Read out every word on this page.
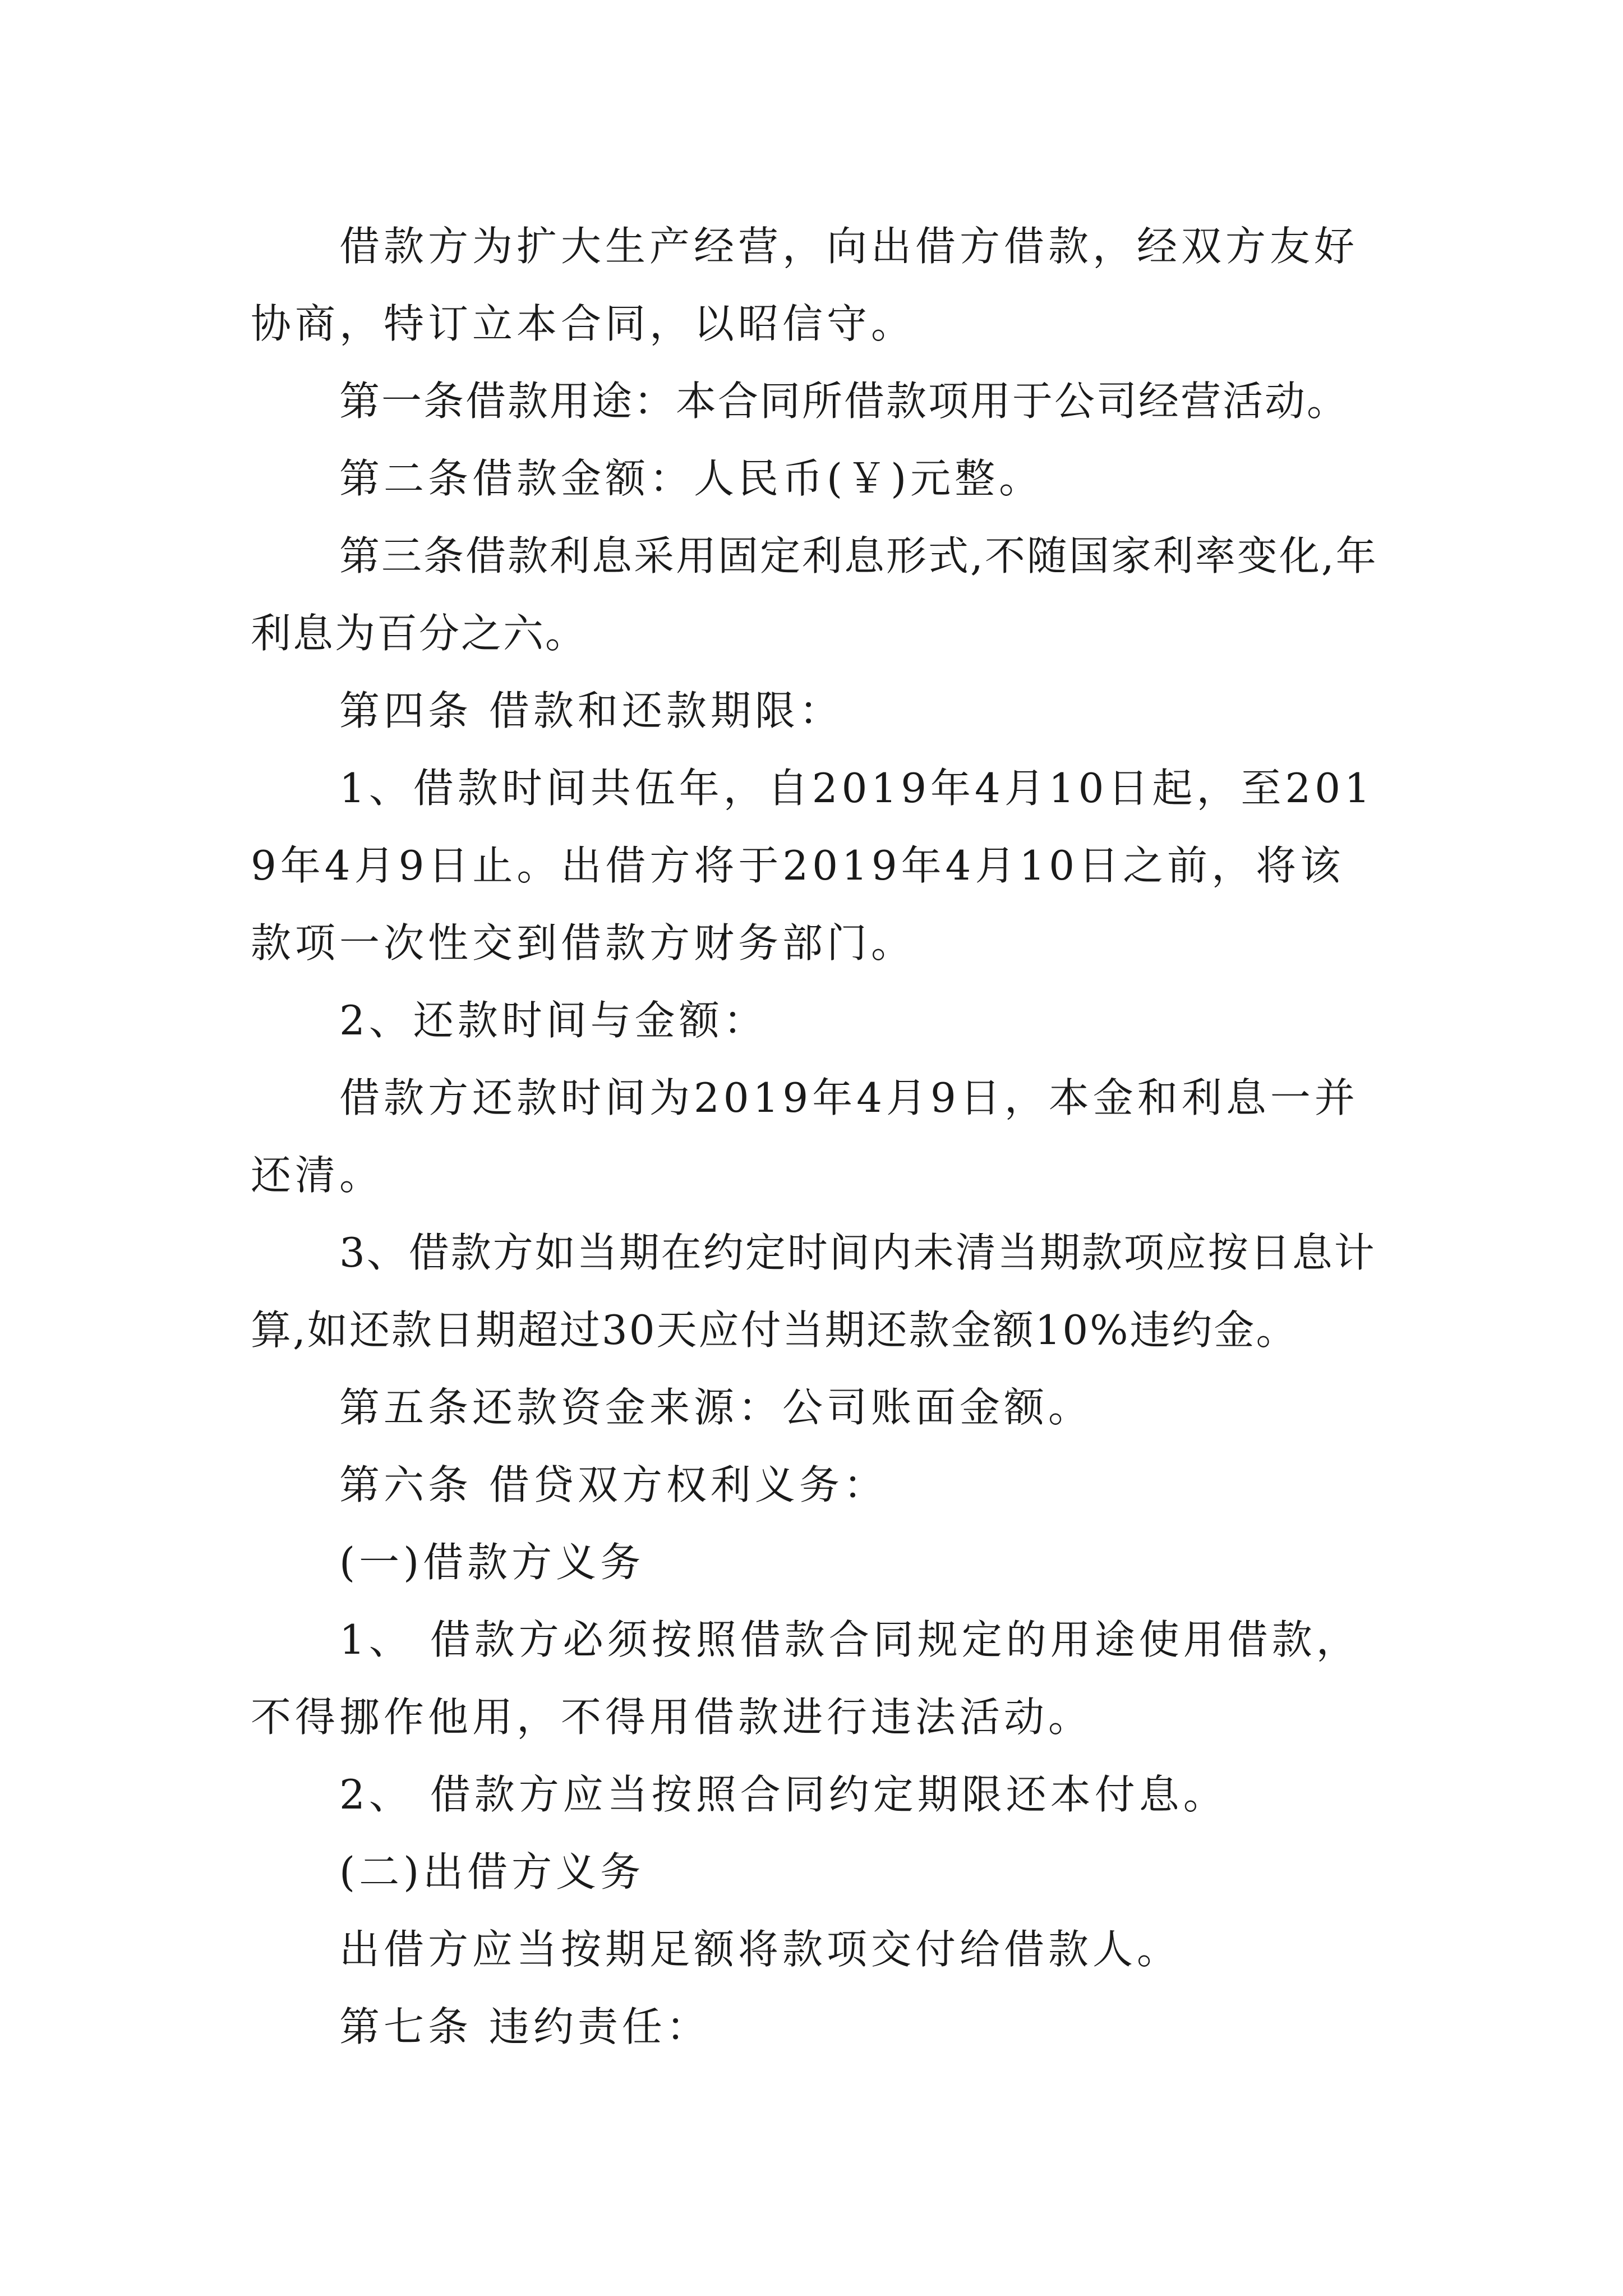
借款方为扩大生产经营，向出借方借款，经双方友好协商，特订立本合同，以昭信守。

第一条借款用途：本合同所借款项用于公司经营活动。

第二条借款金额：人民币(￥)元整。

第三条借款利息采用固定利息形式,不随国家利率变化,年利息为百分之六。

第四条 借款和还款期限：

1、借款时间共伍年，自2019年4月10日起，至2019年4月9日止。出借方将于2019年4月10日之前，将该款项一次性交到借款方财务部门。

2、还款时间与金额：

借款方还款时间为2019年4月9日，本金和利息一并还清。

3、借款方如当期在约定时间内未清当期款项应按日息计算,如还款日期超过30天应付当期还款金额10%违约金。

第五条还款资金来源：公司账面金额。

第六条 借贷双方权利义务：

(一)借款方义务

1、 借款方必须按照借款合同规定的用途使用借款，不得挪作他用，不得用借款进行违法活动。

2、 借款方应当按照合同约定期限还本付息。

(二)出借方义务

出借方应当按期足额将款项交付给借款人。

第七条 违约责任：
